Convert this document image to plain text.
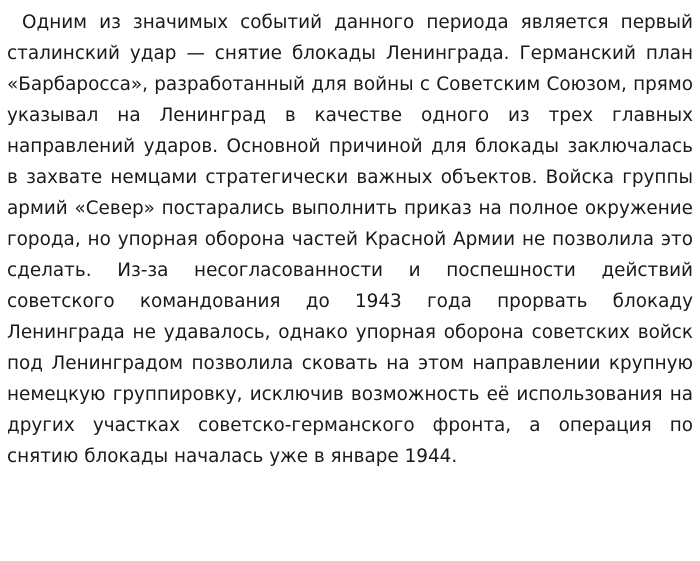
Одним из значимых событий данного периода является первый сталинский удар — снятие блокады Ленинграда. Германский план «Барбаросса», разработанный для войны с Советским Союзом, прямо указывал на Ленинград в качестве одного из трех главных направлений ударов. Основной причиной для блокады заключалась в захвате немцами стратегически важных объектов. Войска группы армий «Север» постарались выполнить приказ на полное окружение города, но упорная оборона частей Красной Армии не позволила это сделать. Из-за несогласованности и поспешности действий советского командования до 1943 года прорвать блокаду Ленинграда не удавалось, однако упорная оборона советских войск под Ленинградом позволила сковать на этом направлении крупную немецкую группировку, исключив возможность её использования на других участках советско-германского фронта, а операция по снятию блокады началась уже в январе 1944.
